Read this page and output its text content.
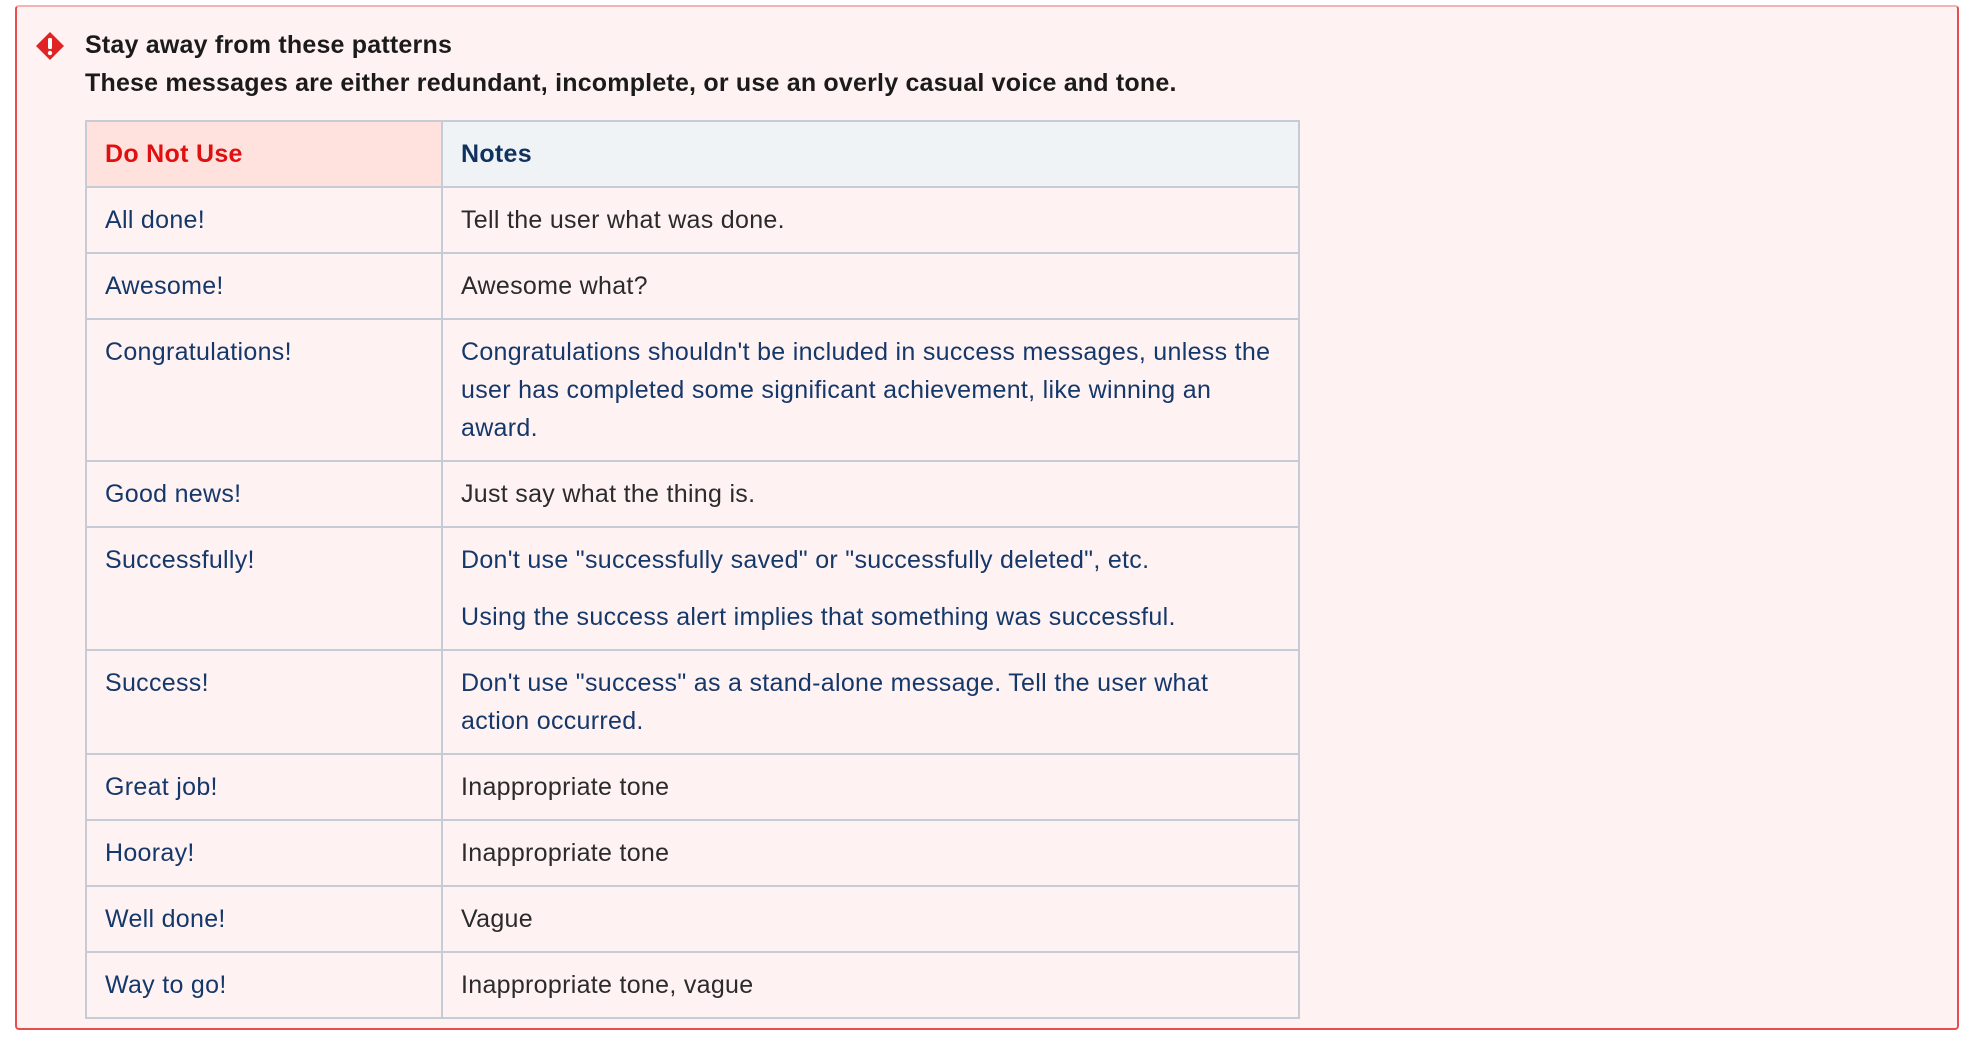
Stay away from these patterns
These messages are either redundant, incomplete, or use an overly casual voice and tone.
Do Not Use	Notes
All done!	Tell the user what was done.

Awesome!	Awesome what?

Congratulations!	Congratulations shouldn't be included in success messages, unless the user has completed some significant achievement, like winning an award.

Good news!	Just say what the thing is.

Successfully!	Don't use "successfully saved" or "successfully deleted", etc.
Using the success alert implies that something was successful.

Success!	Don't use "success" as a stand-alone message. Tell the user what action occurred.

Great job!	Inappropriate tone

Hooray!	Inappropriate tone

Well done!	Vague

Way to go!	Inappropriate tone, vague
